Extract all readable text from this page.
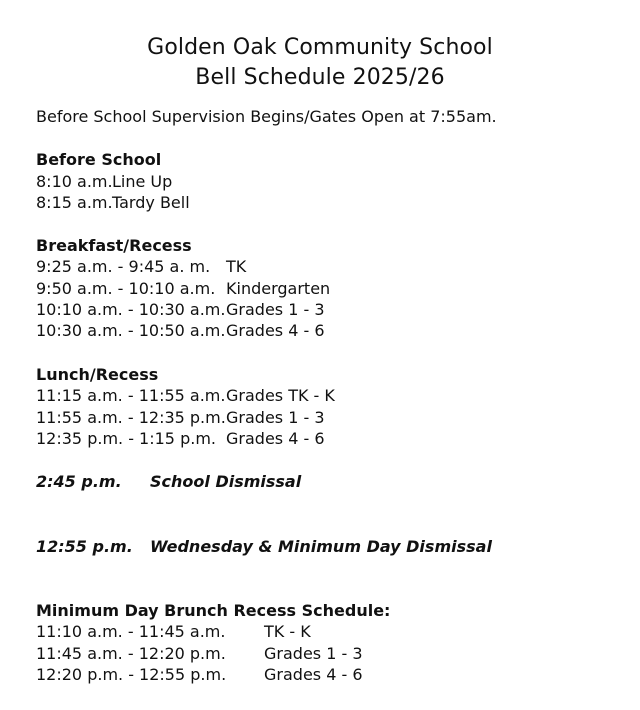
Golden Oak Community School
Bell Schedule 2025/26
Before School Supervision Begins/Gates Open at 7:55am.
Before School
8:10 a.m. Line Up
8:15 a.m. Tardy Bell
Breakfast/Recess
9:25 a.m. - 9:45 a. m. TK
9:50 a.m. - 10:10 a.m. Kindergarten
10:10 a.m. - 10:30 a.m. Grades 1 - 3
10:30 a.m. - 10:50 a.m. Grades 4 - 6
Lunch/Recess
11:15 a.m. - 11:55 a.m. Grades TK - K
11:55 a.m. - 12:35 p.m. Grades 1 - 3
12:35 p.m. - 1:15 p.m. Grades 4 - 6
2:45 p.m. School Dismissal
12:55 p.m. Wednesday & Minimum Day Dismissal
Minimum Day Brunch Recess Schedule:
11:10 a.m. - 11:45 a.m. TK - K
11:45 a.m. - 12:20 p.m. Grades 1 - 3
12:20 p.m. - 12:55 p.m. Grades 4 - 6
